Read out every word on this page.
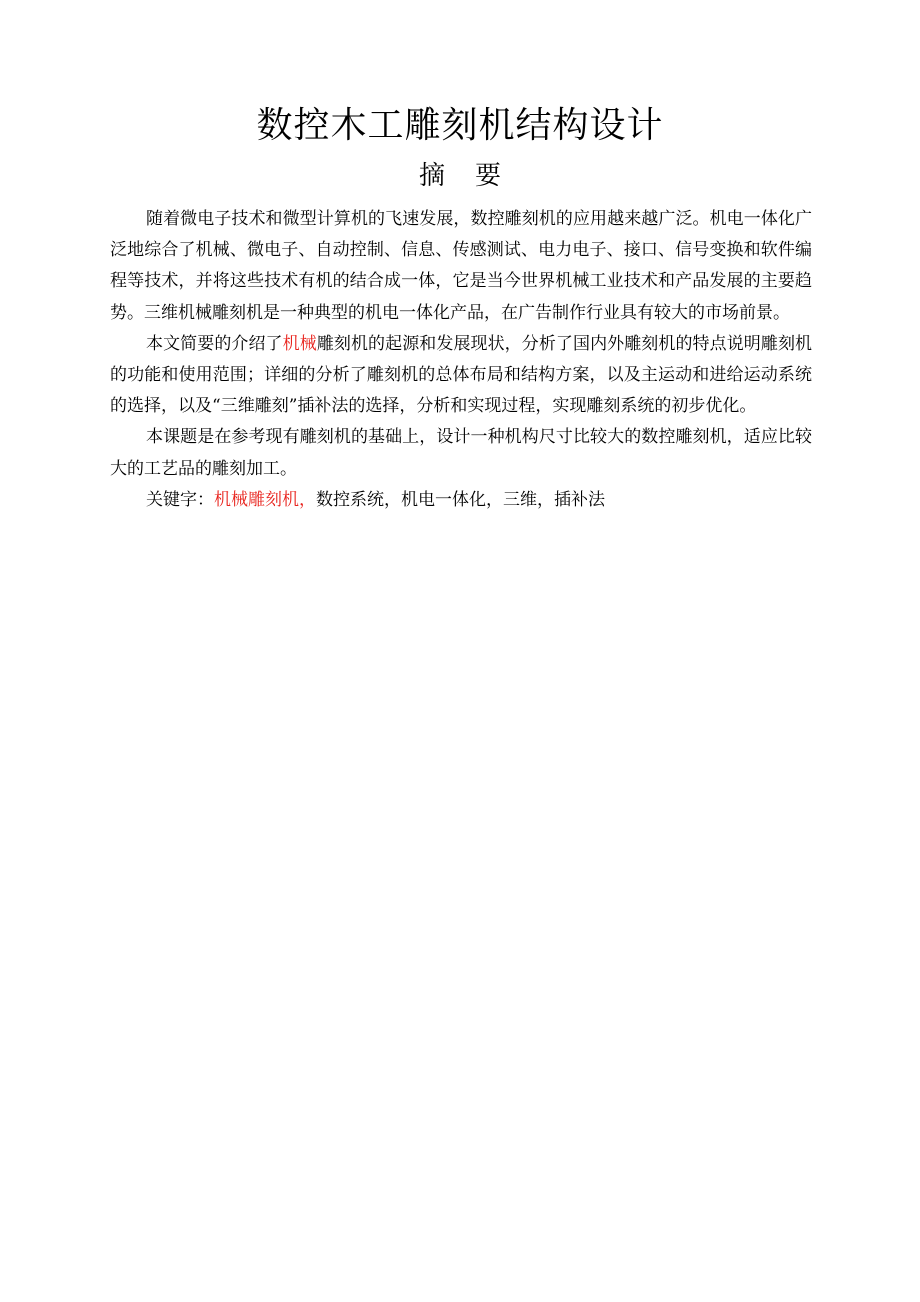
数控木工雕刻机结构设计
摘 要

随着微电子技术和微型计算机的飞速发展，数控雕刻机的应用越来越广泛。机电一体化广泛地综合了机械、微电子、自动控制、信息、传感测试、电力电子、接口、信号变换和软件编程等技术，并将这些技术有机的结合成一体，它是当今世界机械工业技术和产品发展的主要趋势。三维机械雕刻机是一种典型的机电一体化产品，在广告制作行业具有较大的市场前景。

本文简要的介绍了机械雕刻机的起源和发展现状，分析了国内外雕刻机的特点说明雕刻机的功能和使用范围；详细的分析了雕刻机的总体布局和结构方案，以及主运动和进给运动系统的选择，以及“三维雕刻”插补法的选择，分析和实现过程，实现雕刻系统的初步优化。

本课题是在参考现有雕刻机的基础上，设计一种机构尺寸比较大的数控雕刻机，适应比较大的工艺品的雕刻加工。

关键字：机械雕刻机，数控系统，机电一体化，三维，插补法
